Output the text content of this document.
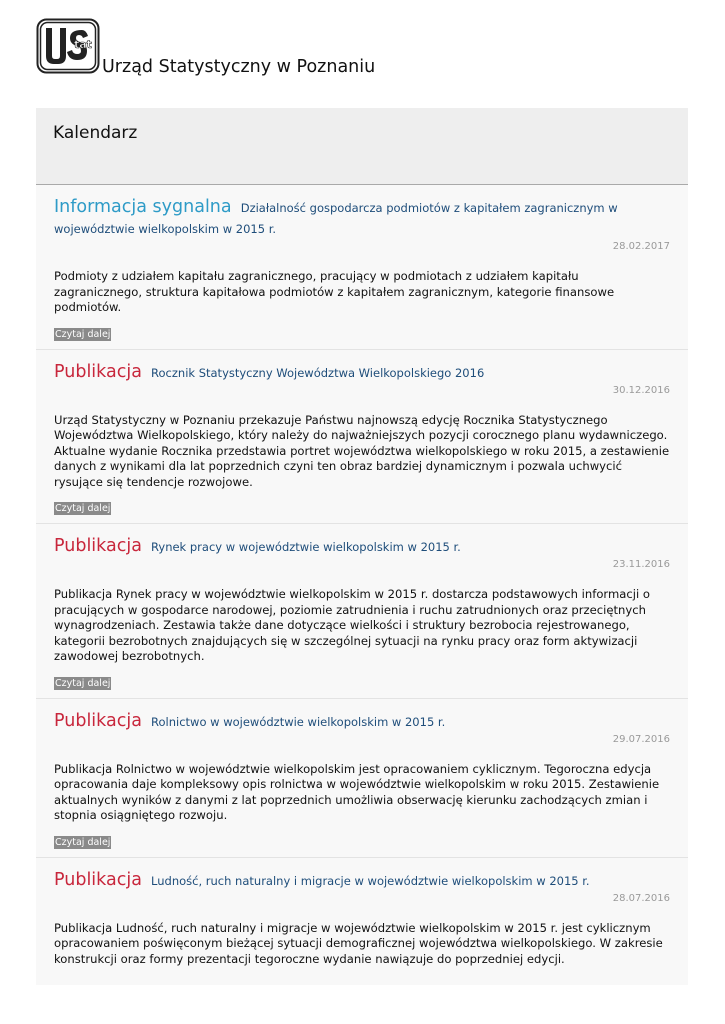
tat
Urząd Statystyczny w Poznaniu
Kalendarz
Informacja sygnalna Działalność gospodarcza podmiotów z kapitałem zagranicznym w województwie wielkopolskim w 2015 r.
28.02.2017
Podmioty z udziałem kapitału zagranicznego, pracujący w podmiotach z udziałem kapitału zagranicznego, struktura kapitałowa podmiotów z kapitałem zagranicznym, kategorie finansowe podmiotów.
Czytaj dalej
Publikacja Rocznik Statystyczny Województwa Wielkopolskiego 2016
30.12.2016
Urząd Statystyczny w Poznaniu przekazuje Państwu najnowszą edycję Rocznika Statystycznego Województwa Wielkopolskiego, który należy do najważniejszych pozycji corocznego planu wydawniczego. Aktualne wydanie Rocznika przedstawia portret województwa wielkopolskiego w roku 2015, a zestawienie danych z wynikami dla lat poprzednich czyni ten obraz bardziej dynamicznym i pozwala uchwycić rysujące się tendencje rozwojowe.
Czytaj dalej
Publikacja Rynek pracy w województwie wielkopolskim w 2015 r.
23.11.2016
Publikacja Rynek pracy w województwie wielkopolskim w 2015 r. dostarcza podstawowych informacji o pracujących w gospodarce narodowej, poziomie zatrudnienia i ruchu zatrudnionych oraz przeciętnych wynagrodzeniach. Zestawia także dane dotyczące wielkości i struktury bezrobocia rejestrowanego, kategorii bezrobotnych znajdujących się w szczególnej sytuacji na rynku pracy oraz form aktywizacji zawodowej bezrobotnych.
Czytaj dalej
Publikacja Rolnictwo w województwie wielkopolskim w 2015 r.
29.07.2016
Publikacja Rolnictwo w województwie wielkopolskim jest opracowaniem cyklicznym. Tegoroczna edycja opracowania daje kompleksowy opis rolnictwa w województwie wielkopolskim w roku 2015. Zestawienie aktualnych wyników z danymi z lat poprzednich umożliwia obserwację kierunku zachodzących zmian i stopnia osiągniętego rozwoju.
Czytaj dalej
Publikacja Ludność, ruch naturalny i migracje w województwie wielkopolskim w 2015 r.
28.07.2016
Publikacja Ludność, ruch naturalny i migracje w województwie wielkopolskim w 2015 r. jest cyklicznym opracowaniem poświęconym bieżącej sytuacji demograficznej województwa wielkopolskiego. W zakresie konstrukcji oraz formy prezentacji tegoroczne wydanie nawiązuje do poprzedniej edycji.
